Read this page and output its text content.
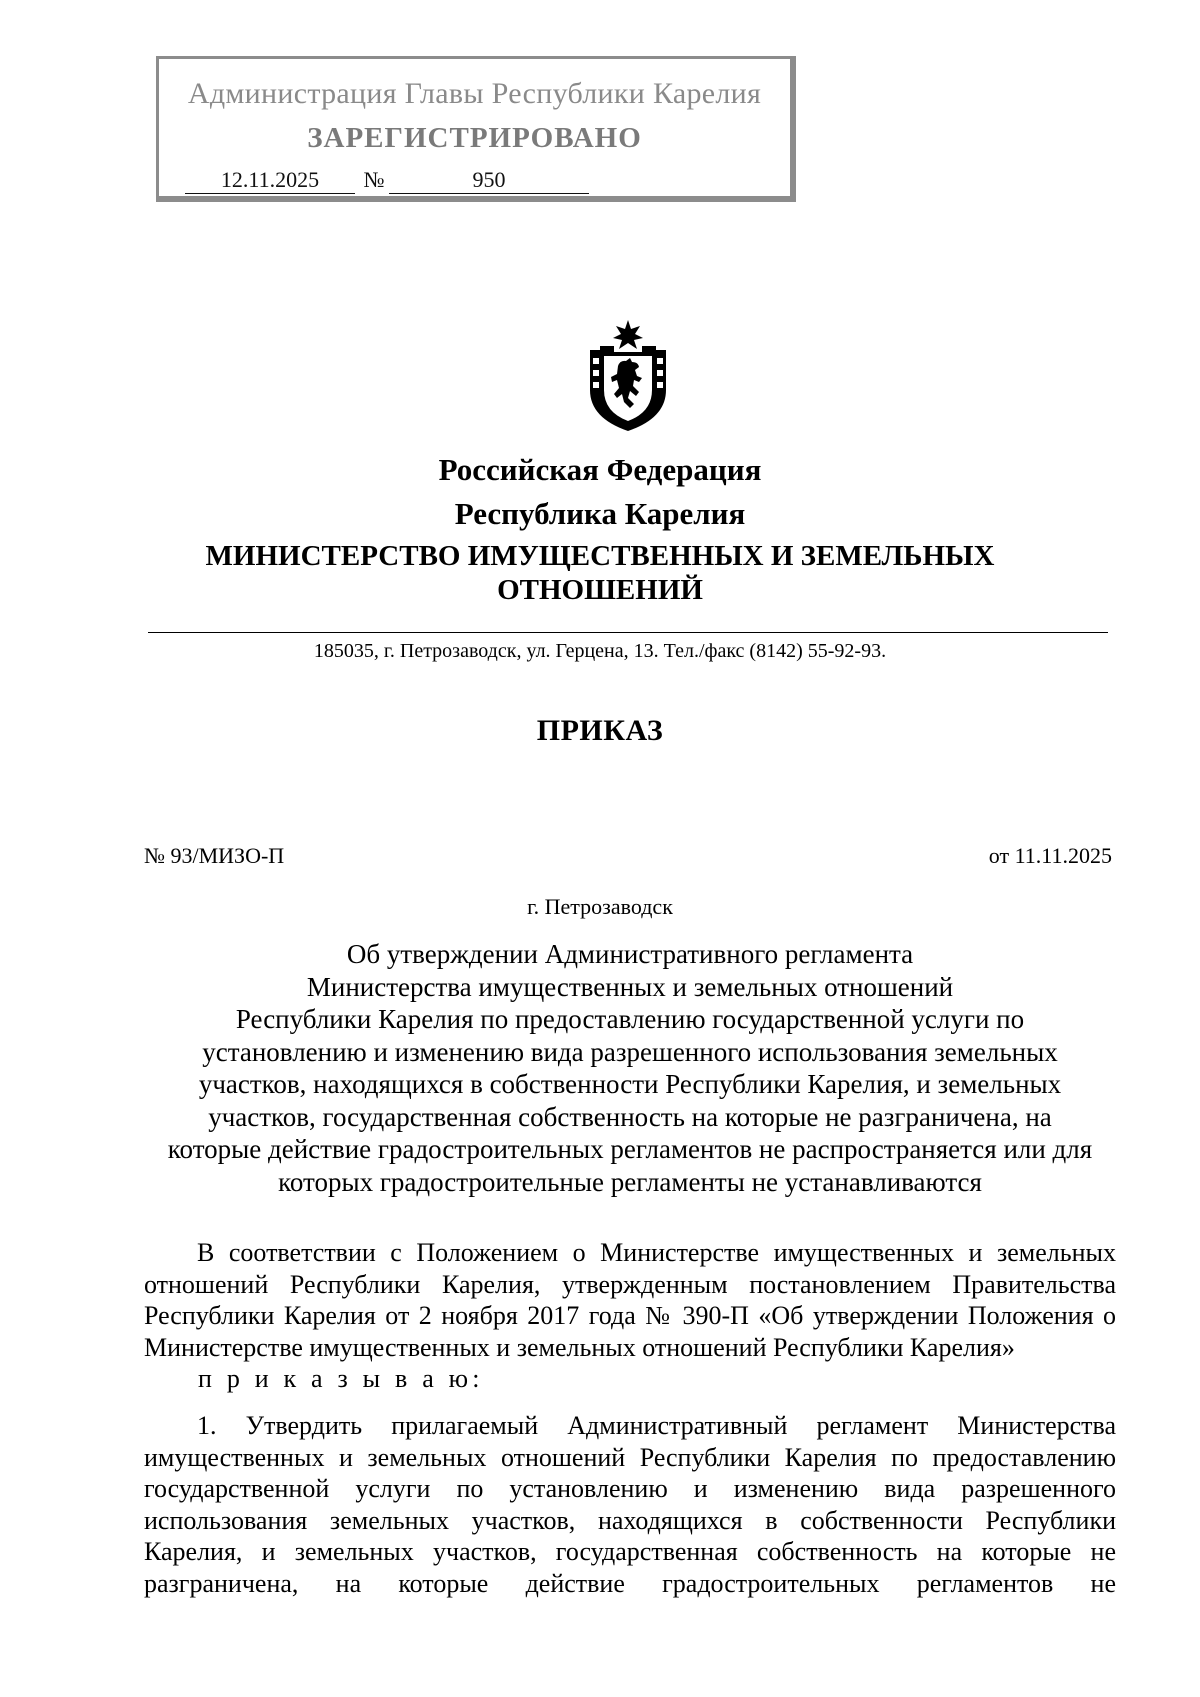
Администрация Главы Республики Карелия
ЗАРЕГИСТРИРОВАНО
12.11.2025	№	950
Российская Федерация
Республика Карелия
МИНИСТЕРСТВО ИМУЩЕСТВЕННЫХ И ЗЕМЕЛЬНЫХ
ОТНОШЕНИЙ
185035, г. Петрозаводск, ул. Герцена, 13. Тел./факс (8142) 55-92-93.
ПРИКАЗ
№ 93/МИЗО-П	от 11.11.2025
г. Петрозаводск
Об утверждении Административного регламента
Министерства имущественных и земельных отношений
Республики Карелия по предоставлению государственной услуги по
установлению и изменению вида разрешенного использования земельных
участков, находящихся в собственности Республики Карелия, и земельных
участков, государственная собственность на которые не разграничена, на
которые действие градостроительных регламентов не распространяется или для
которых градостроительные регламенты не устанавливаются
В соответствии с Положением о Министерстве имущественных и земельных отношений Республики Карелия, утвержденным постановлением Правительства Республики Карелия от 2 ноября 2017 года № 390-П «Об утверждении Положения о Министерстве имущественных и земельных отношений Республики Карелия»
п р и к а з ы в а ю:
1. Утвердить прилагаемый Административный регламент Министерства имущественных и земельных отношений Республики Карелия по предоставлению государственной услуги по установлению и изменению вида разрешенного использования земельных участков, находящихся в собственности Республики Карелия, и земельных участков, государственная собственность на которые не разграничена, на которые действие градостроительных регламентов не
